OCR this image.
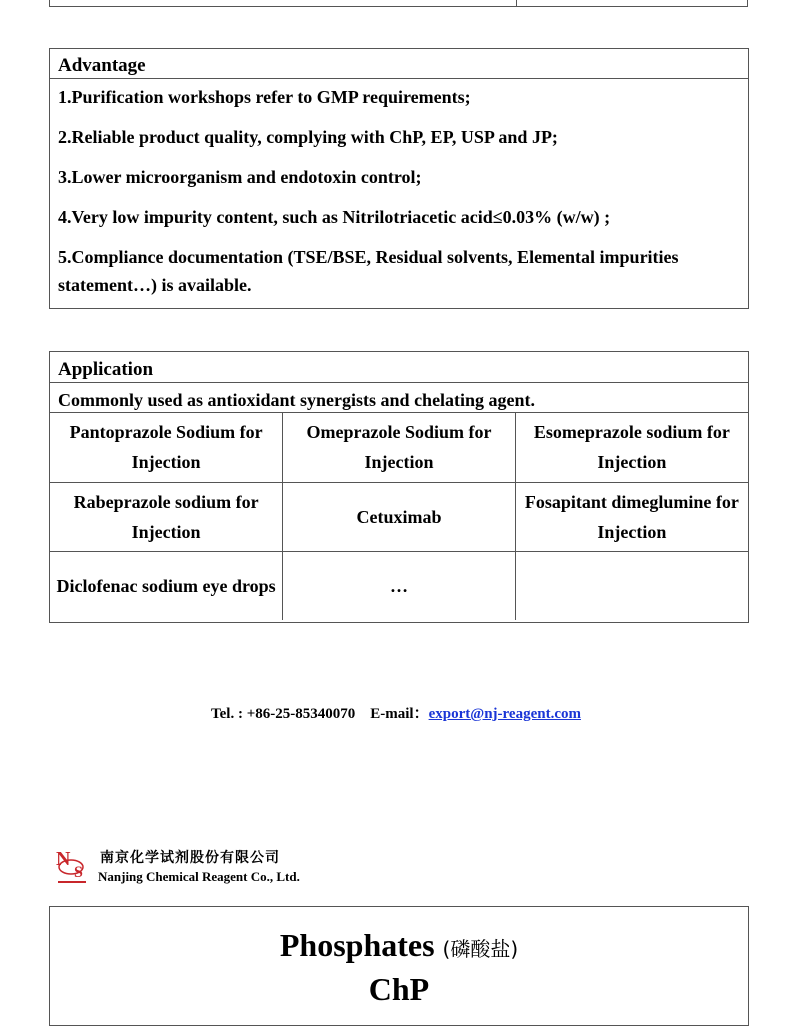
Advantage
1.Purification workshops refer to GMP requirements;
2.Reliable product quality, complying with ChP, EP, USP and JP;
3.Lower microorganism and endotoxin control;
4.Very low impurity content, such as Nitrilotriacetic acid≤0.03% (w/w) ;
5.Compliance documentation (TSE/BSE, Residual solvents, Elemental impurities statement…) is available.
Application
Commonly used as antioxidant synergists and chelating agent.
Pantoprazole Sodium for Injection	Omeprazole Sodium for Injection	Esomeprazole sodium for Injection
Rabeprazole sodium for Injection	Cetuximab	Fosapitant dimeglumine for Injection
Diclofenac sodium eye drops	…	
Tel. : +86-25-85340070    E-mail：export@nj-reagent.com
N
S
南京化学试剂股份有限公司
Nanjing Chemical Reagent Co., Ltd.
Phosphates (磷酸盐)
ChP
